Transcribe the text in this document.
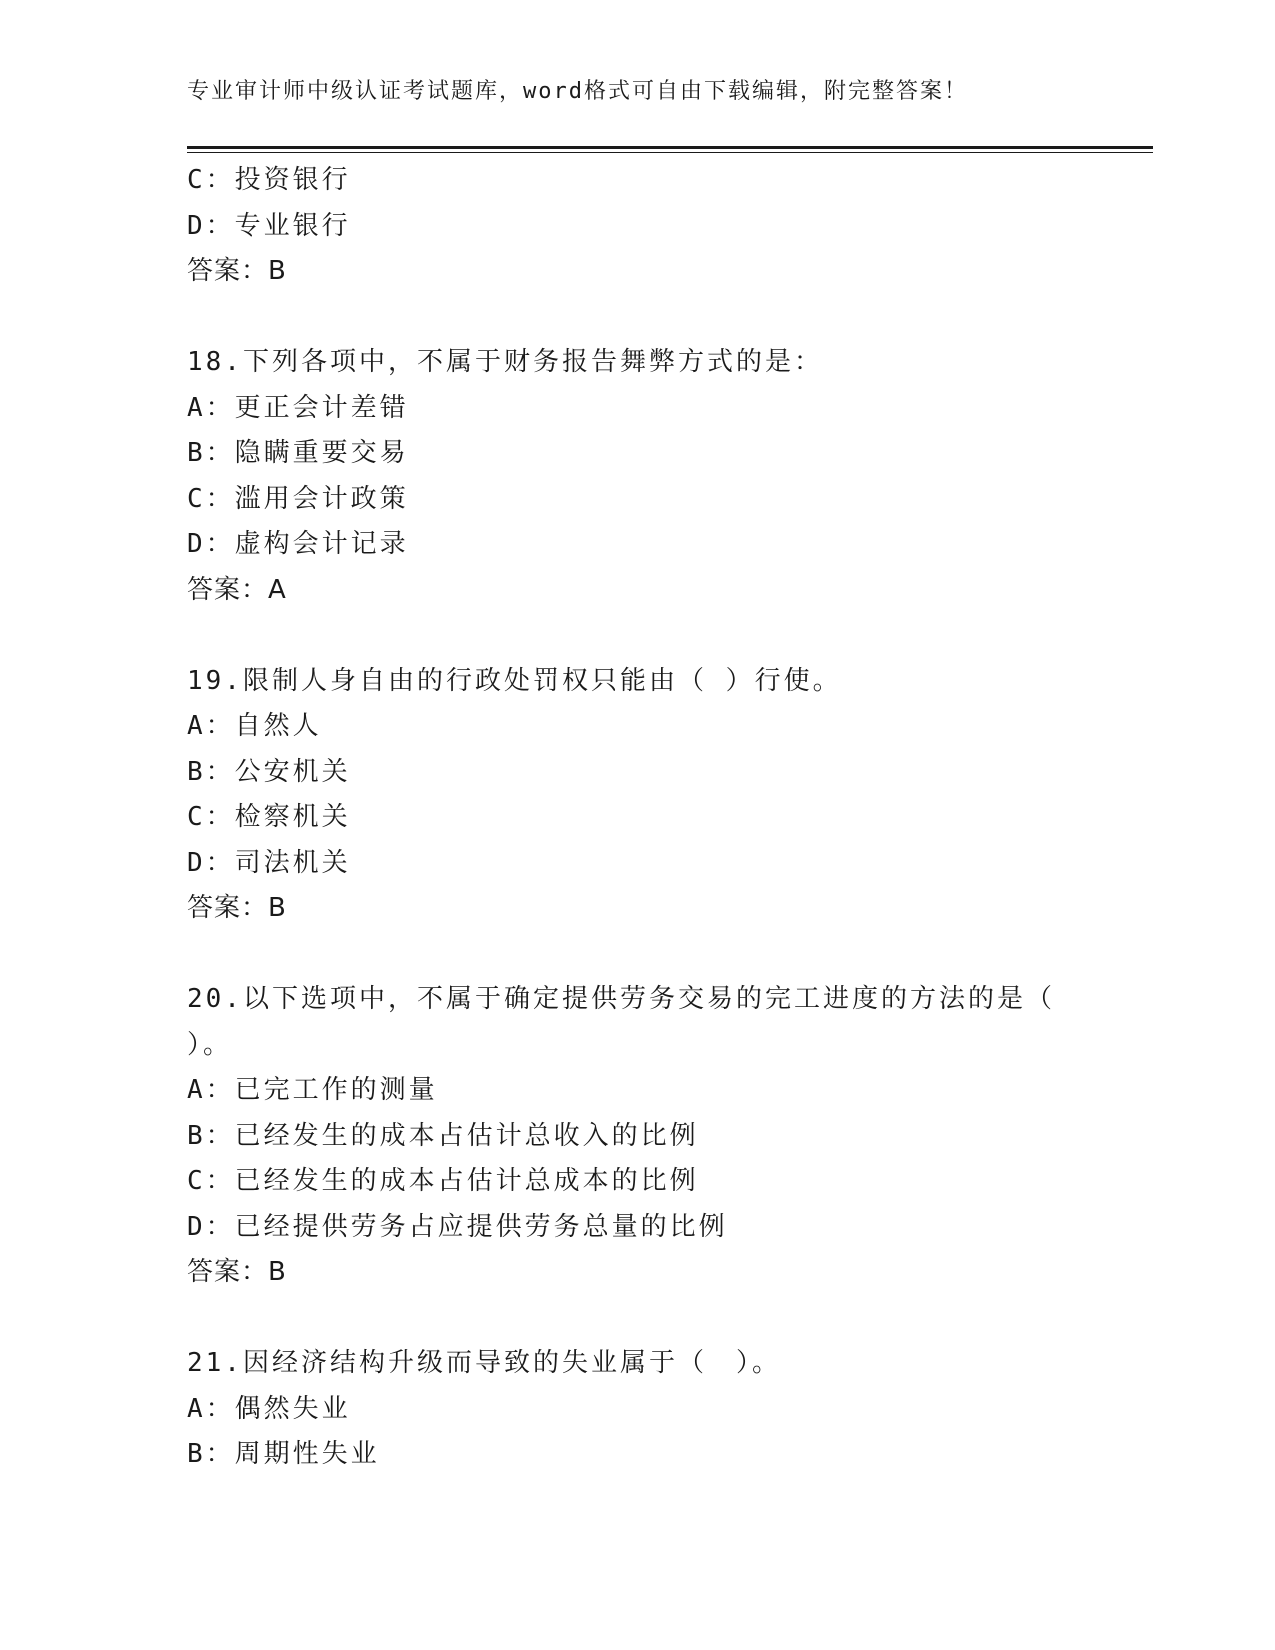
专业审计师中级认证考试题库，word格式可自由下载编辑，附完整答案！
C：投资银行
D：专业银行
答案：B
18.下列各项中，不属于财务报告舞弊方式的是：
A：更正会计差错
B：隐瞒重要交易
C：滥用会计政策
D：虚构会计记录
答案：A
19.限制人身自由的行政处罚权只能由（ ）行使。
A：自然人
B：公安机关
C：检察机关
D：司法机关
答案：B
20.以下选项中，不属于确定提供劳务交易的完工进度的方法的是（ ）。
A：已完工作的测量
B：已经发生的成本占估计总收入的比例
C：已经发生的成本占估计总成本的比例
D：已经提供劳务占应提供劳务总量的比例
答案：B
21.因经济结构升级而导致的失业属于（　）。
A：偶然失业
B：周期性失业
